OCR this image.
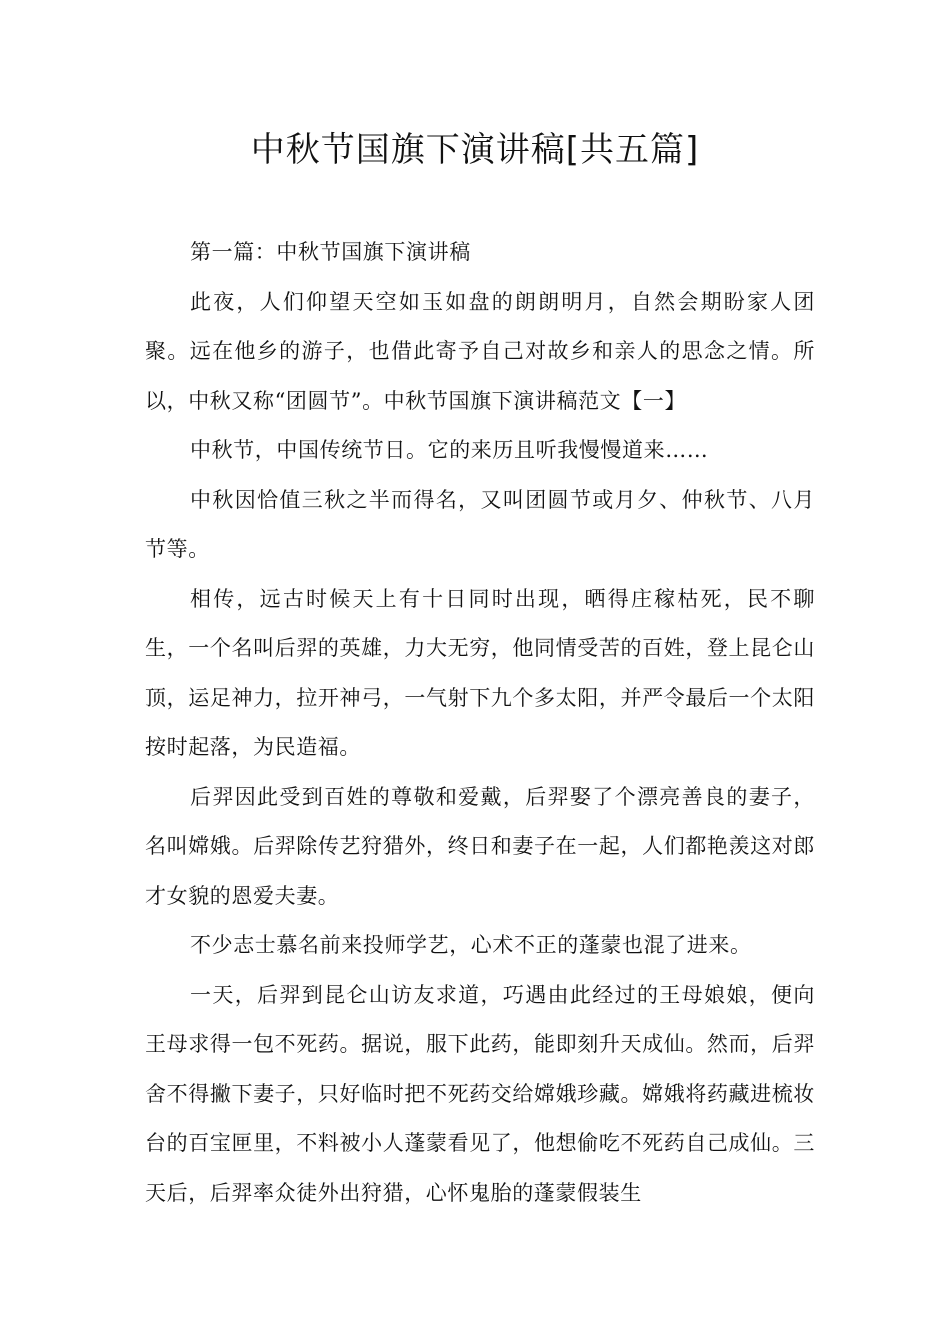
中秋节国旗下演讲稿[共五篇]

第一篇：中秋节国旗下演讲稿

此夜，人们仰望天空如玉如盘的朗朗明月，自然会期盼家人团聚。远在他乡的游子，也借此寄予自己对故乡和亲人的思念之情。所以，中秋又称“团圆节”。中秋节国旗下演讲稿范文【一】

中秋节，中国传统节日。它的来历且听我慢慢道来……

中秋因恰值三秋之半而得名，又叫团圆节或月夕、仲秋节、八月节等。

相传，远古时候天上有十日同时出现，晒得庄稼枯死，民不聊生，一个名叫后羿的英雄，力大无穷，他同情受苦的百姓，登上昆仑山顶，运足神力，拉开神弓，一气射下九个多太阳，并严令最后一个太阳按时起落，为民造福。

后羿因此受到百姓的尊敬和爱戴，后羿娶了个漂亮善良的妻子，名叫嫦娥。后羿除传艺狩猎外，终日和妻子在一起，人们都艳羡这对郎才女貌的恩爱夫妻。

不少志士慕名前来投师学艺，心术不正的蓬蒙也混了进来。

一天，后羿到昆仑山访友求道，巧遇由此经过的王母娘娘，便向王母求得一包不死药。据说，服下此药，能即刻升天成仙。然而，后羿舍不得撇下妻子，只好临时把不死药交给嫦娥珍藏。嫦娥将药藏进梳妆台的百宝匣里，不料被小人蓬蒙看见了，他想偷吃不死药自己成仙。三天后，后羿率众徒外出狩猎，心怀鬼胎的蓬蒙假装生
